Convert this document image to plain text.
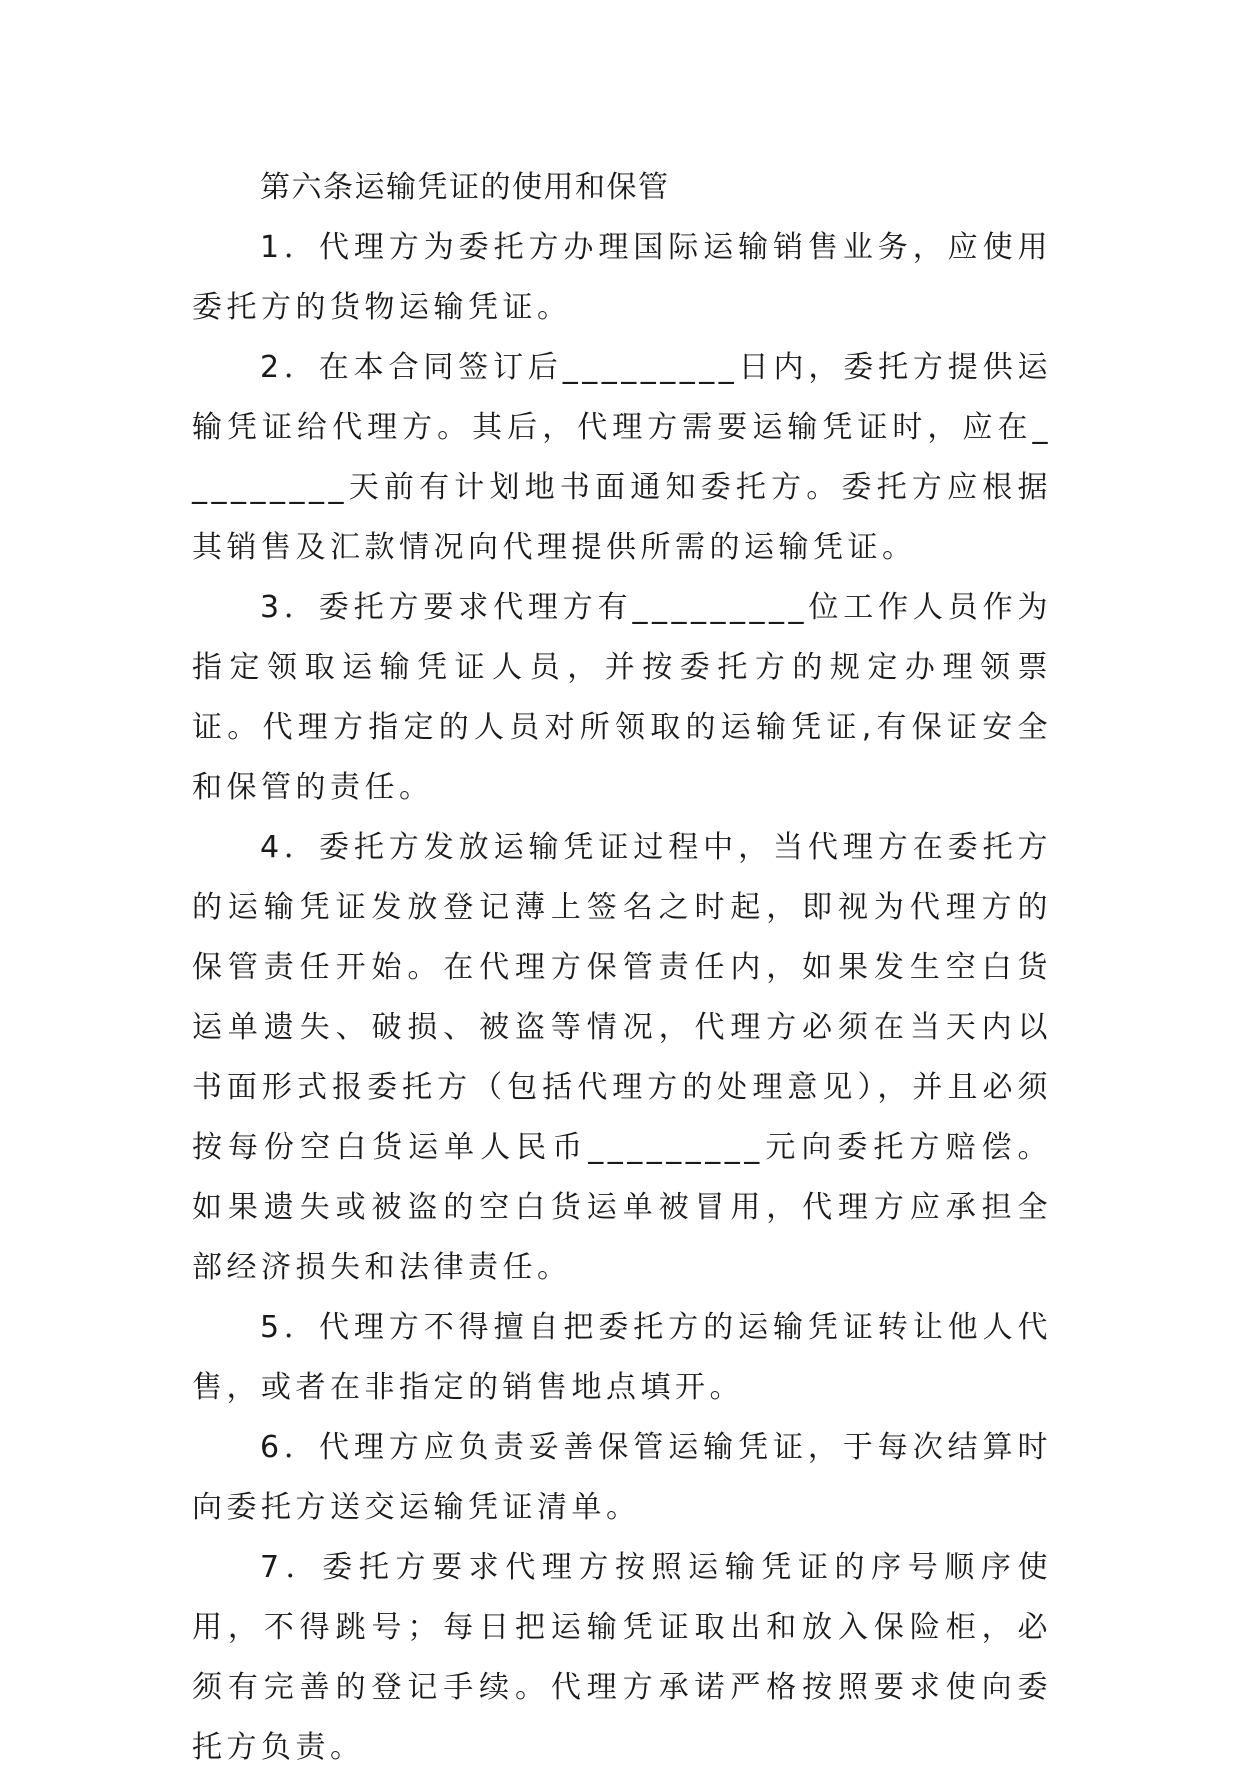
第六条运输凭证的使用和保管

1．代理方为委托方办理国际运输销售业务，应使用委托方的货物运输凭证。

2．在本合同签订后_________日内，委托方提供运输凭证给代理方。其后，代理方需要运输凭证时，应在_________天前有计划地书面通知委托方。委托方应根据其销售及汇款情况向代理提供所需的运输凭证。

3．委托方要求代理方有_________位工作人员作为指定领取运输凭证人员，并按委托方的规定办理领票证。代理方指定的人员对所领取的运输凭证,有保证安全和保管的责任。

4．委托方发放运输凭证过程中，当代理方在委托方的运输凭证发放登记薄上签名之时起，即视为代理方的保管责任开始。在代理方保管责任内，如果发生空白货运单遗失、破损、被盗等情况，代理方必须在当天内以书面形式报委托方（包括代理方的处理意见），并且必须按每份空白货运单人民币_________元向委托方赔偿。如果遗失或被盗的空白货运单被冒用，代理方应承担全部经济损失和法律责任。

5．代理方不得擅自把委托方的运输凭证转让他人代售，或者在非指定的销售地点填开。

6．代理方应负责妥善保管运输凭证，于每次结算时向委托方送交运输凭证清单。

7．委托方要求代理方按照运输凭证的序号顺序使用，不得跳号；每日把运输凭证取出和放入保险柜，必须有完善的登记手续。代理方承诺严格按照要求使向委托方负责。
